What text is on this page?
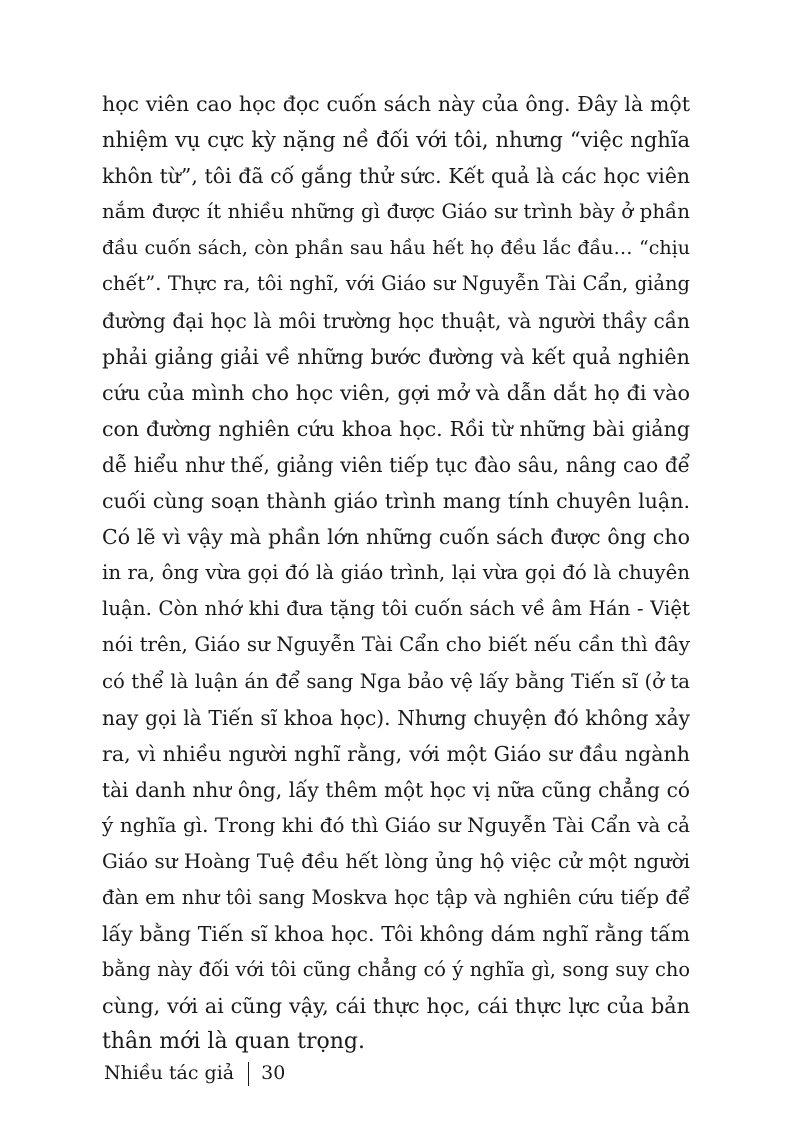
học viên cao học đọc cuốn sách này của ông. Đây là một
nhiệm vụ cực kỳ nặng nề đối với tôi, nhưng “việc nghĩa
khôn từ”, tôi đã cố gắng thử sức. Kết quả là các học viên
nắm được ít nhiều những gì được Giáo sư trình bày ở phần
đầu cuốn sách, còn phần sau hầu hết họ đều lắc đầu… “chịu
chết”. Thực ra, tôi nghĩ, với Giáo sư Nguyễn Tài Cẩn, giảng
đường đại học là môi trường học thuật, và người thầy cần
phải giảng giải về những bước đường và kết quả nghiên
cứu của mình cho học viên, gợi mở và dẫn dắt họ đi vào
con đường nghiên cứu khoa học. Rồi từ những bài giảng
dễ hiểu như thế, giảng viên tiếp tục đào sâu, nâng cao để
cuối cùng soạn thành giáo trình mang tính chuyên luận.
Có lẽ vì vậy mà phần lớn những cuốn sách được ông cho
in ra, ông vừa gọi đó là giáo trình, lại vừa gọi đó là chuyên
luận. Còn nhớ khi đưa tặng tôi cuốn sách về âm Hán - Việt
nói trên, Giáo sư Nguyễn Tài Cẩn cho biết nếu cần thì đây
có thể là luận án để sang Nga bảo vệ lấy bằng Tiến sĩ (ở ta
nay gọi là Tiến sĩ khoa học). Nhưng chuyện đó không xảy
ra, vì nhiều người nghĩ rằng, với một Giáo sư đầu ngành
tài danh như ông, lấy thêm một học vị nữa cũng chẳng có
ý nghĩa gì. Trong khi đó thì Giáo sư Nguyễn Tài Cẩn và cả
Giáo sư Hoàng Tuệ đều hết lòng ủng hộ việc cử một người
đàn em như tôi sang Moskva học tập và nghiên cứu tiếp để
lấy bằng Tiến sĩ khoa học. Tôi không dám nghĩ rằng tấm
bằng này đối với tôi cũng chẳng có ý nghĩa gì, song suy cho
cùng, với ai cũng vậy, cái thực học, cái thực lực của bản
thân mới là quan trọng.
Nhiều tác giả 30
